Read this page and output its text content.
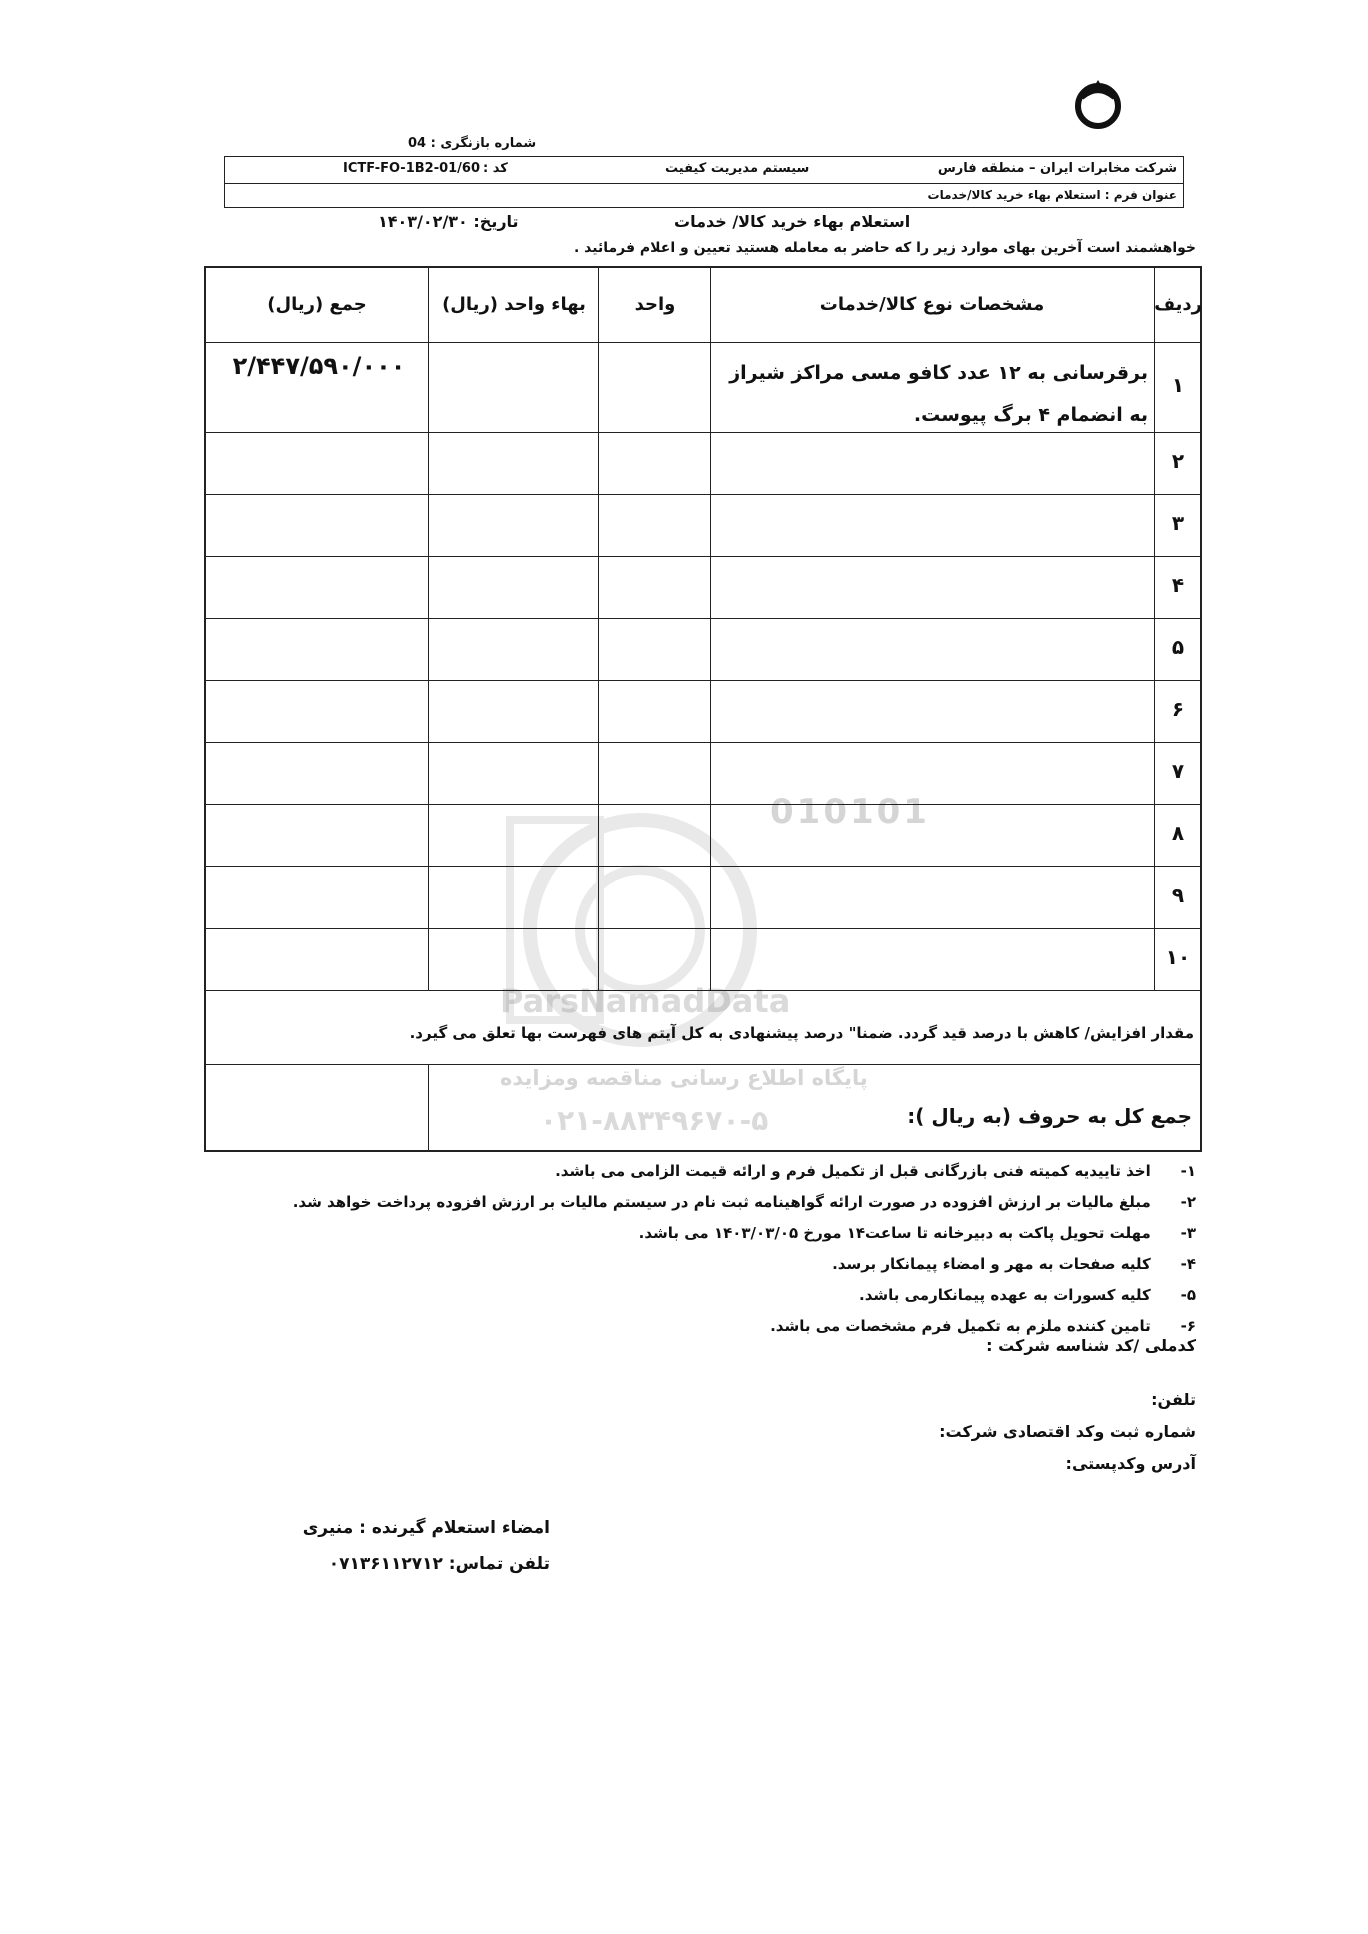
شماره بازنگری : 04
شرکت مخابرات ایران – منطقه فارس
سیستم مدیریت کیفیت
کد :
ICTF-FO-1B2-01/60
عنوان فرم : استعلام بهاء خرید کالا/خدمات
استعلام بهاء خرید کالا/ خدمات
تاریخ: ۱۴۰۳/۰۲/۳۰
خواهشمند است آخرین بهای موارد زیر را که حاضر به معامله هستید تعیین و اعلام فرمائید .
010101
ParsNamadData
پایگاه اطلاع رسانی مناقصه ومزایده
۰۲۱-۸۸۳۴۹۶۷۰-۵
ردیف
مشخصات نوع کالا/خدمات
واحد
بهاء واحد (ریال)
جمع (ریال)
برقرسانی به ۱۲ عدد کافو مسی مراکز شیراز به انضمام ۴ برگ پیوست.
۲/۴۴۷/۵۹۰/۰۰۰
مقدار افزایش/ کاهش با درصد قید گردد. ضمنا" درصد پیشنهادی به کل آیتم های فهرست بها تعلق می گیرد.
جمع کل به حروف (به ریال ):
۱
۲
۳
۴
۵
۶
۷
۸
۹
۱۰
۱- اخذ تاییدیه کمیته فنی بازرگانی قبل از تکمیل فرم و ارائه قیمت الزامی می باشد.
۲- مبلغ مالیات بر ارزش افزوده در صورت ارائه گواهینامه ثبت نام در سیستم مالیات بر ارزش افزوده پرداخت خواهد شد.
۳- مهلت تحویل پاکت به دبیرخانه تا ساعت۱۴ مورخ ۱۴۰۳/۰۳/۰۵ می باشد.
۴- کلیه صفحات به مهر و امضاء پیمانکار برسد.
۵- کلیه کسورات به عهده پیمانکارمی باشد.
۶- تامین کننده ملزم به تکمیل فرم مشخصات می باشد.
کدملی /کد شناسه شرکت :
تلفن:
شماره ثبت وکد اقتصادی شرکت:
آدرس وکدپستی:
امضاء استعلام گیرنده : منیری
تلفن تماس: ۰۷۱۳۶۱۱۲۷۱۲
